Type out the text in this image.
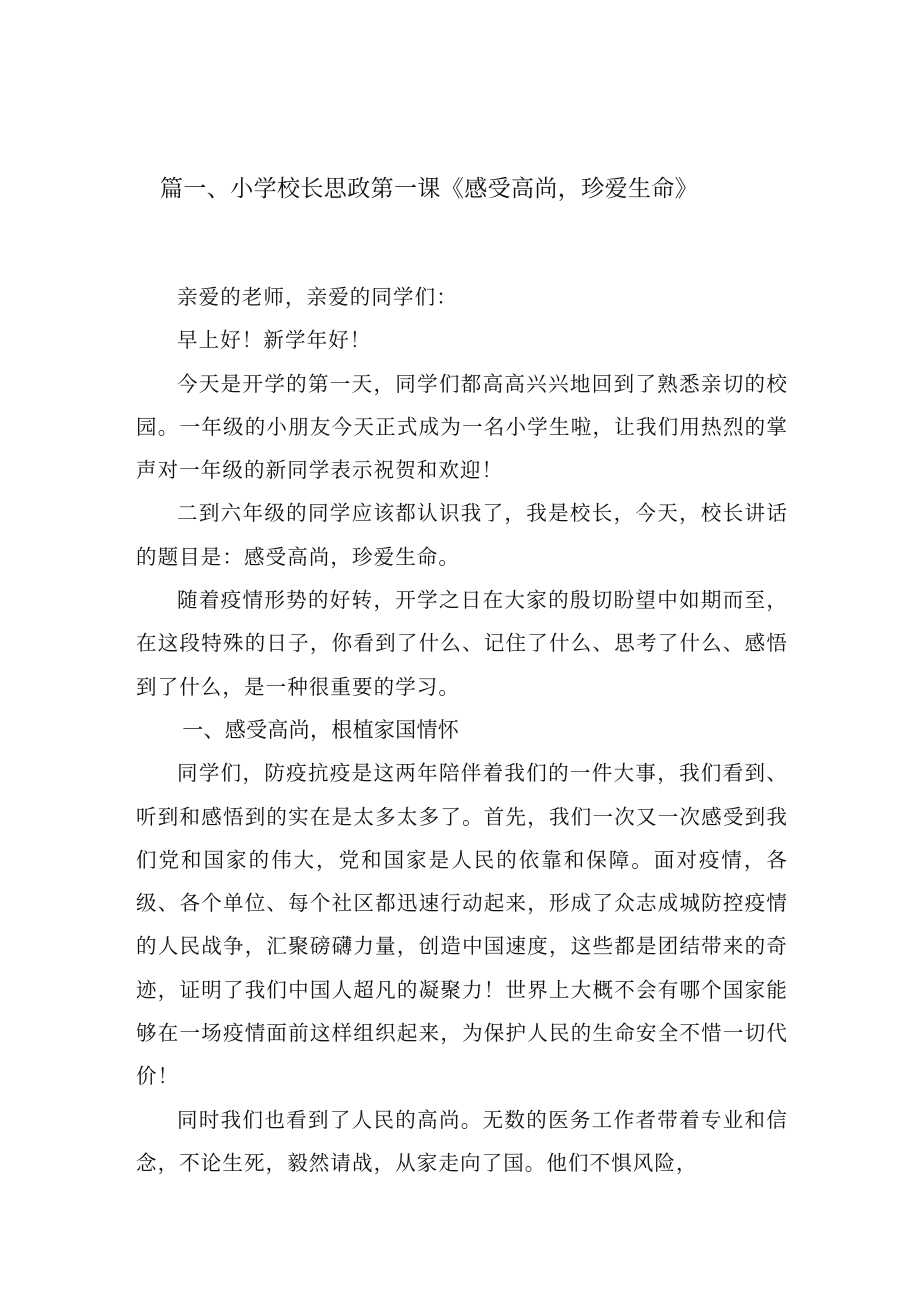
篇一、小学校长思政第一课《感受高尚，珍爱生命》

亲爱的老师，亲爱的同学们：

早上好！新学年好！

今天是开学的第一天，同学们都高高兴兴地回到了熟悉亲切的校园。一年级的小朋友今天正式成为一名小学生啦，让我们用热烈的掌声对一年级的新同学表示祝贺和欢迎！

二到六年级的同学应该都认识我了，我是校长，今天，校长讲话的题目是：感受高尚，珍爱生命。

随着疫情形势的好转，开学之日在大家的殷切盼望中如期而至，在这段特殊的日子，你看到了什么、记住了什么、思考了什么、感悟到了什么，是一种很重要的学习。

一、感受高尚，根植家国情怀

同学们，防疫抗疫是这两年陪伴着我们的一件大事，我们看到、听到和感悟到的实在是太多太多了。首先，我们一次又一次感受到我们党和国家的伟大，党和国家是人民的依靠和保障。面对疫情，各级、各个单位、每个社区都迅速行动起来，形成了众志成城防控疫情的人民战争，汇聚磅礴力量，创造中国速度，这些都是团结带来的奇迹，证明了我们中国人超凡的凝聚力！世界上大概不会有哪个国家能够在一场疫情面前这样组织起来，为保护人民的生命安全不惜一切代价！

同时我们也看到了人民的高尚。无数的医务工作者带着专业和信念，不论生死，毅然请战，从家走向了国。他们不惧风险，
